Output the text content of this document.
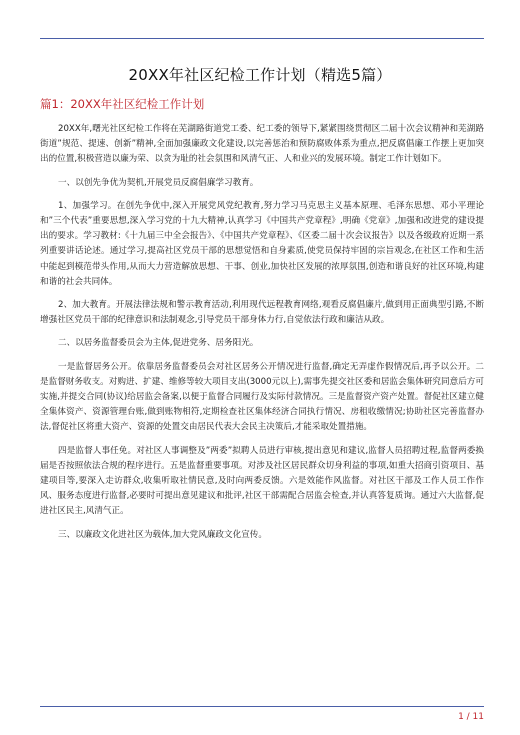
20XX年社区纪检工作计划（精选5篇）
篇1：20XX年社区纪检工作计划

20XX年,曙光社区纪检工作将在芜湖路街道党工委、纪工委的领导下,紧紧围绕贯彻区二届十次会议精神和芜湖路街道”规范、提速、创新”精神,全面加强廉政文化建设,以完善惩治和预防腐败体系为重点,把反腐倡廉工作摆上更加突出的位置,积极营造以廉为荣、以贪为耻的社会氛围和风清气正、人和业兴的发展环境。制定工作计划如下。

一、以创先争优为契机,开展党员反腐倡廉学习教育。

1、加强学习。在创先争优中,深入开展党风党纪教育,努力学习马克思主义基本原理、毛泽东思想、邓小平理论和”三个代表”重要思想,深入学习党的十九大精神,认真学习《中国共产党章程》,明确《党章》,加强和改进党的建设提出的要求。学习教材:《十九届三中全会报告》、《中国共产党章程》、《区委二届十次会议报告》以及各级政府近期一系列重要讲话论述。通过学习,提高社区党员干部的思想觉悟和自身素质,使党员保持牢固的宗旨观念,在社区工作和生活中能起到模范带头作用,从而大力营造解放思想、干事、创业,加快社区发展的浓厚氛围,创造和谐良好的社区环境,构建和谐的社会共同体。

2、加大教育。开展法律法规和警示教育活动,利用现代远程教育网络,观看反腐倡廉片,做到用正面典型引路,不断增强社区党员干部的纪律意识和法制观念,引导党员干部身体力行,自觉依法行政和廉洁从政。

二、以居务监督委员会为主体,促进党务、居务阳光。

一是监督居务公开。依靠居务监督委员会对社区居务公开情况进行监督,确定无弄虚作假情况后,再予以公开。二是监督财务收支。对购进、扩建、维修等较大项目支出(3000元以上),需事先提交社区委和居监会集体研究同意后方可实施,并提交合同(协议)给居监会备案,以便于监督合同履行及实际付款情况。三是监督资产资产处置。督促社区建立健全集体资产、资源管理台账,做到账物相符,定期检查社区集体经济合同执行情况、房租收缴情况;协助社区完善监督办法,督促社区将重大资产、资源的处置交由居民代表大会民主决策后,才能采取处置措施。

四是监督人事任免。对社区人事调整及”两委”拟聘人员进行审核,提出意见和建议,监督人员招聘过程,监督两委换届是否按照依法合规的程序进行。五是监督重要事项。对涉及社区居民群众切身利益的事项,如重大招商引资项目、基建项目等,要深入走访群众,收集听取社情民意,及时向两委反馈。六是效能作风监督。对社区干部及工作人员工作作风、服务态度进行监督,必要时可提出意见建议和批评,社区干部需配合居监会检查,并认真答复质询。通过六大监督,促进社区民主,风清气正。

三、以廉政文化进社区为载体,加大党风廉政文化宣传。

1 / 11
